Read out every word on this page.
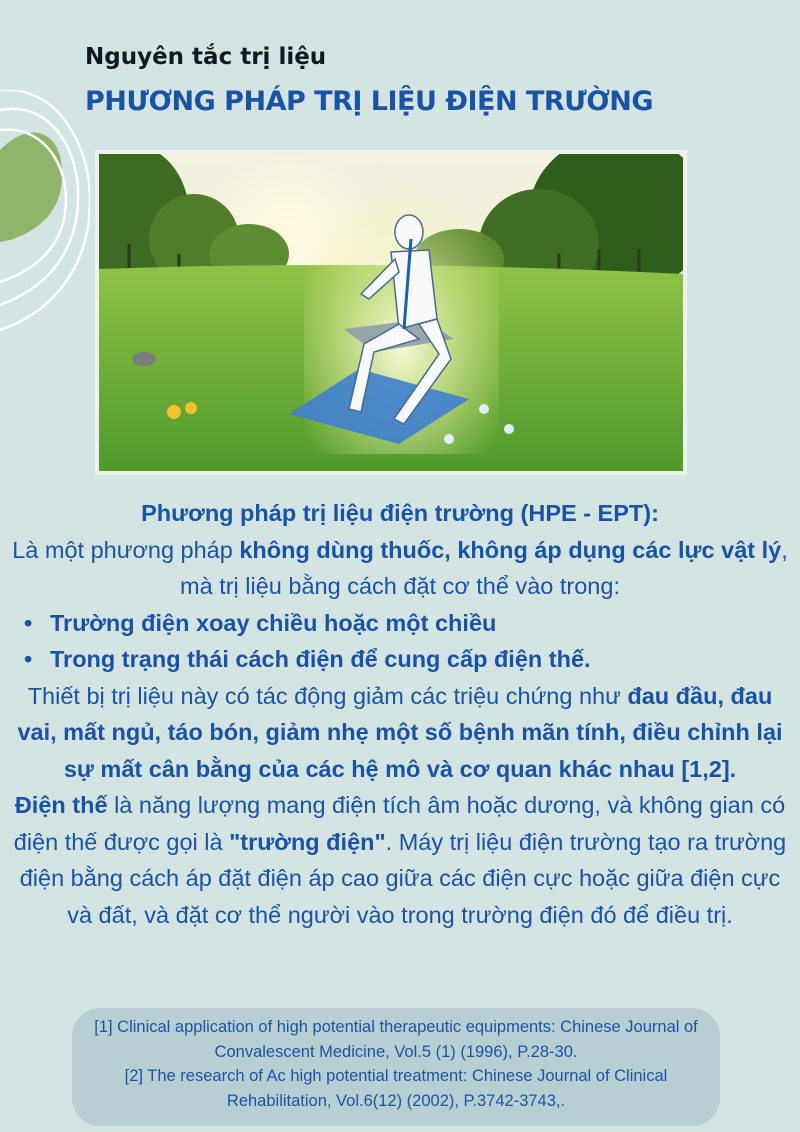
Nguyên tắc trị liệu
PHƯƠNG PHÁP TRỊ LIỆU ĐIỆN TRƯỜNG

Phương pháp trị liệu điện trường (HPE - EPT):

Là một phương pháp không dùng thuốc, không áp dụng các lực vật lý, mà trị liệu bằng cách đặt cơ thể vào trong:

• Trường điện xoay chiều hoặc một chiều
• Trong trạng thái cách điện để cung cấp điện thế.

Thiết bị trị liệu này có tác động giảm các triệu chứng như đau đầu, đau vai, mất ngủ, táo bón, giảm nhẹ một số bệnh mãn tính, điều chỉnh lại sự mất cân bằng của các hệ mô và cơ quan khác nhau [1,2].

Điện thế là năng lượng mang điện tích âm hoặc dương, và không gian có điện thế được gọi là "trường điện". Máy trị liệu điện trường tạo ra trường điện bằng cách áp đặt điện áp cao giữa các điện cực hoặc giữa điện cực và đất, và đặt cơ thể người vào trong trường điện đó để điều trị.

[1] Clinical application of high potential therapeutic equipments: Chinese Journal of Convalescent Medicine, Vol.5 (1) (1996), P.28-30.

[2] The research of Ac high potential treatment: Chinese Journal of Clinical Rehabilitation, Vol.6(12) (2002), P.3742-3743,.
